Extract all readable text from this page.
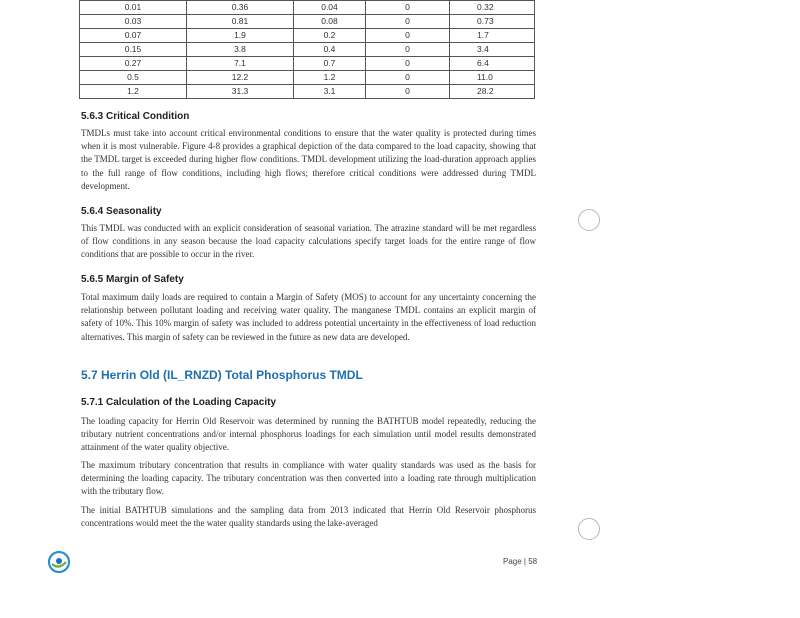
0.01	0.36	0.04	0	0.32
0.03	0.81	0.08	0	0.73
0.07	1.9	0.2	0	1.7
0.15	3.8	0.4	0	3.4
0.27	7.1	0.7	0	6.4
0.5	12.2	1.2	0	11.0
1.2	31.3	3.1	0	28.2
5.6.3 Critical Condition

TMDLs must take into account critical environmental conditions to ensure that the water quality is protected during times when it is most vulnerable. Figure 4-8 provides a graphical depiction of the data compared to the load capacity, showing that the TMDL target is exceeded during higher flow conditions. TMDL development utilizing the load-duration approach applies to the full range of flow conditions, including high flows; therefore critical conditions were addressed during TMDL development.

5.6.4 Seasonality

This TMDL was conducted with an explicit consideration of seasonal variation. The atrazine standard will be met regardless of flow conditions in any season because the load capacity calculations specify target loads for the entire range of flow conditions that are possible to occur in the river.

5.6.5 Margin of Safety

Total maximum daily loads are required to contain a Margin of Safety (MOS) to account for any uncertainty concerning the relationship between pollutant loading and receiving water quality. The manganese TMDL contains an explicit margin of safety of 10%. This 10% margin of safety was included to address potential uncertainty in the effectiveness of load reduction alternatives. This margin of safety can be reviewed in the future as new data are developed.

5.7 Herrin Old (IL_RNZD) Total Phosphorus TMDL
5.7.1 Calculation of the Loading Capacity

The loading capacity for Herrin Old Reservoir was determined by running the BATHTUB model repeatedly, reducing the tributary nutrient concentrations and/or internal phosphorus loadings for each simulation until model results demonstrated attainment of the water quality objective.

The maximum tributary concentration that results in compliance with water quality standards was used as the basis for determining the loading capacity. The tributary concentration was then converted into a loading rate through multiplication with the tributary flow.

The initial BATHTUB simulations and the sampling data from 2013 indicated that Herrin Old Reservoir phosphorus concentrations would meet the the water quality standards using the lake-averaged

Page | 58
